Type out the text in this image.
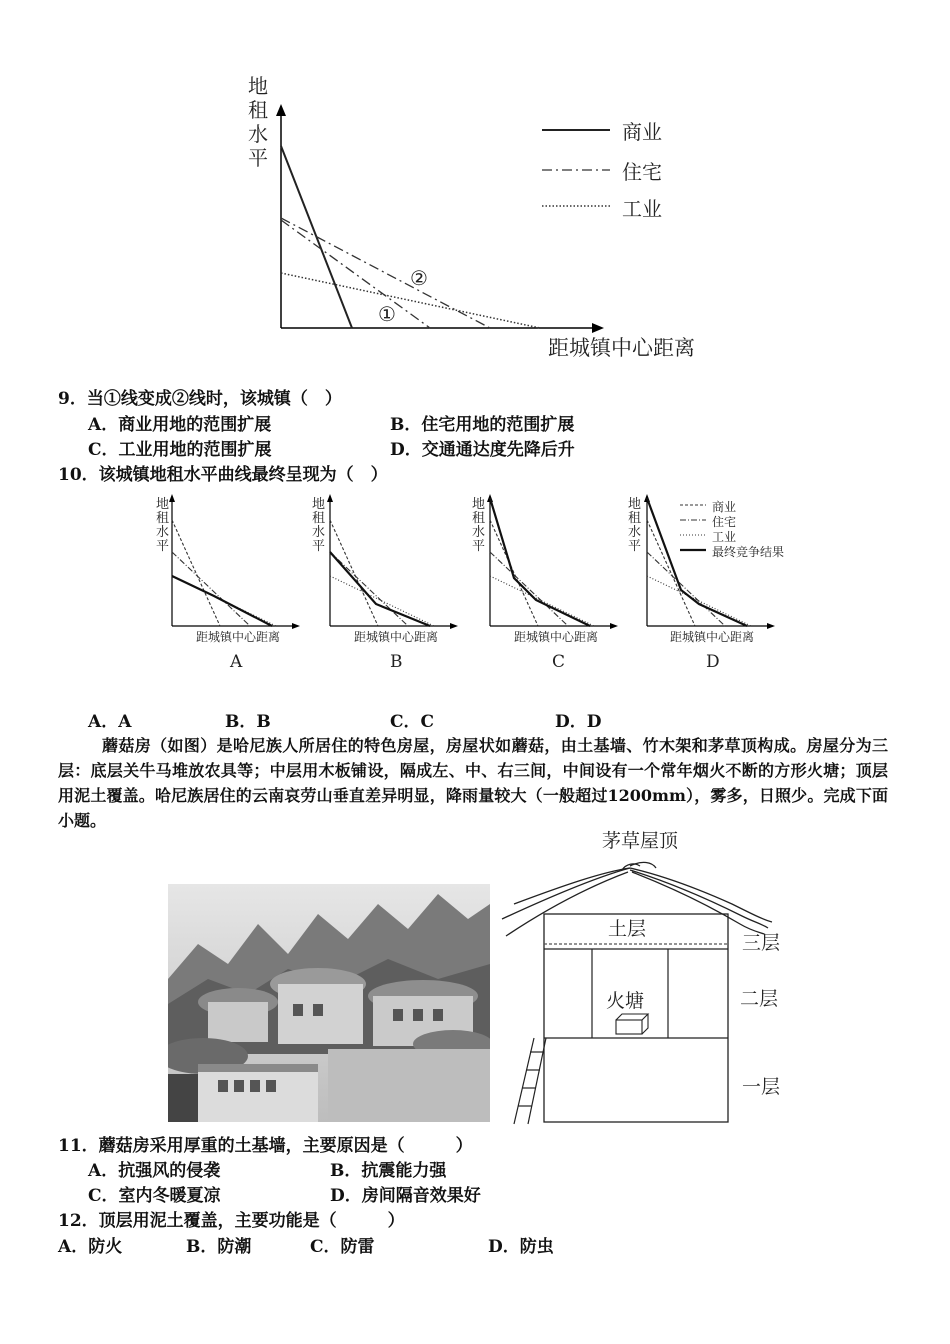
地
租
水
平
商业
住宅
工业
②
①
距城镇中心距离
9．当①线变成②线时，该城镇（　）
A．商业用地的范围扩展	B．住宅用地的范围扩展
C．工业用地的范围扩展	D．交通通达度先降后升
10．该城镇地租水平曲线最终呈现为（　）
地
租
水
平
地
租
水
平
地
租
水
平
地
租
水
平
距城镇中心距离	距城镇中心距离	距城镇中心距离	距城镇中心距离
A	B	C	D
商业
住宅
工业
最终竞争结果
A．A	B．B	C．C	D．D
蘑菇房（如图）是哈尼族人所居住的特色房屋，房屋状如蘑菇，由土基墙、竹木架和茅草顶构成。房屋分为三层：底层关牛马堆放农具等；中层用木板铺设，隔成左、中、右三间，中间设有一个常年烟火不断的方形火塘；顶层用泥土覆盖。哈尼族居住的云南哀劳山垂直差异明显，降雨量较大（一般超过1200mm），雾多，日照少。完成下面小题。
茅草屋顶
土层
火塘
三层
二层
一层
11．蘑菇房采用厚重的土基墙，主要原因是（　　　）
A．抗强风的侵袭	B．抗震能力强
C．室内冬暖夏凉	D．房间隔音效果好
12．顶层用泥土覆盖，主要功能是（　　　）
A．防火	B．防潮	C．防雷	D．防虫
